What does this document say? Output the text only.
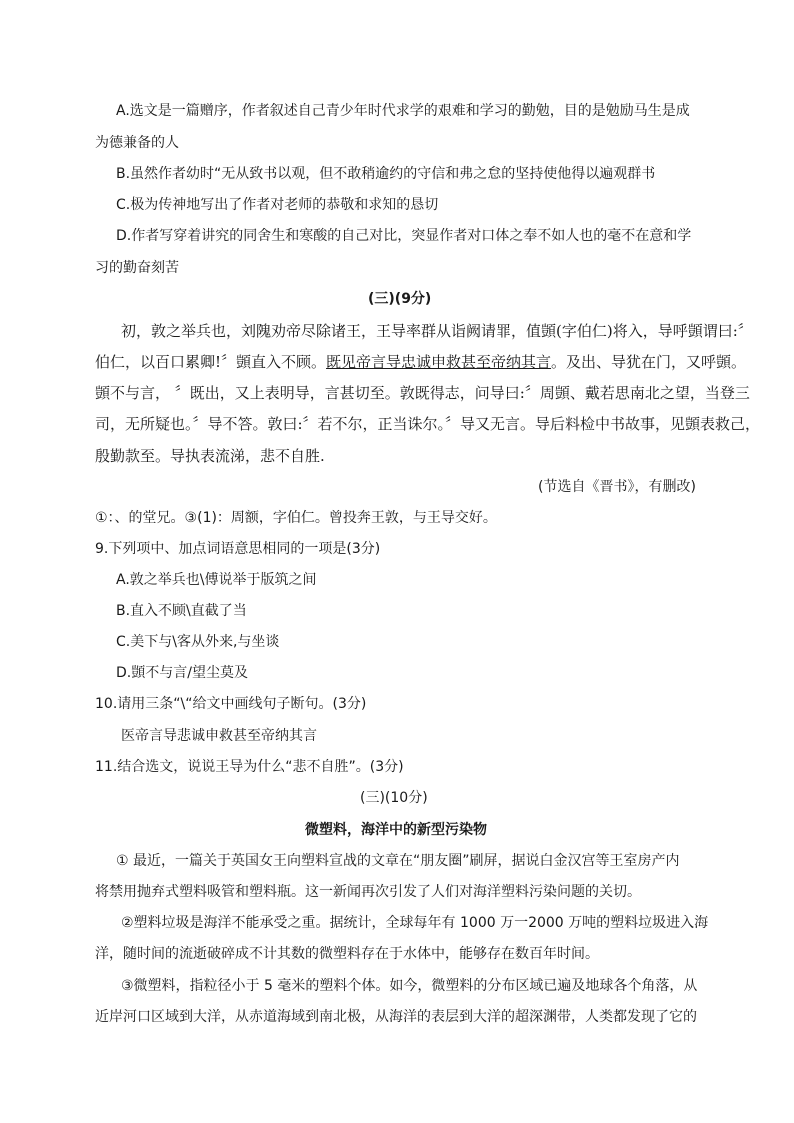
A.选文是一篇赠序，作者叙述自己青少年时代求学的艰难和学习的勤勉，目的是勉励马生是成
为德兼备的人
B.虽然作者幼时“无从致书以观，但不敢稍逾约的守信和弗之怠的坚持使他得以遍观群书
C.极为传神地写出了作者对老师的恭敬和求知的恳切
D.作者写穿着讲究的同舍生和寒酸的自己对比，突显作者对口体之奉不如人也的毫不在意和学
习的勤奋刻苦
(三)(9分)
初，敦之举兵也，刘隗劝帝尽除诸王，王导率群从诣阙请罪，值顗(字伯仁)将入，导呼顗谓曰:〞
伯仁，以百口累卿!〞顗直入不顾。既见帝言导忠诚申救甚至帝纳其言。及出、导犹在门，又呼顗。
顗不与言， 〞既出，又上表明导，言甚切至。敦既得志，问导曰:〞周顗、戴若思南北之望，当登三
司，无所疑也。〞导不答。敦曰:〞若不尔，正当诛尔。〞导又无言。导后料检中书故事，见顗表救己，
殷勤款至。导执表流涕，悲不自胜.
(节选自《晋书》，有删改)
①：、的堂兄。③(1)：周额，字伯仁。曾投奔王敦，与王导交好。
9.下列项中、加点词语意思相同的一项是(3分)
A.敦之举兵也\傅说举于版筑之间
B.直入不顾\直截了当
C.美下与\客从外来,与坐谈
D.顗不与言/望尘莫及
10.请用三条“\“给文中画线句子断句。(3分)
医帝言导悲诚申救甚至帝纳其言
11.结合选文，说说王导为什么“悲不自胜”。(3分)
(三)(10分)
微塑料，海洋中的新型污染物
① 最近，一篇关于英国女王向塑料宣战的文章在“朋友圈”刷屏，据说白金汉宫等王室房产内
将禁用抛弃式塑料吸管和塑料瓶。这一新闻再次引发了人们对海洋塑料污染问题的关切。
②塑料垃圾是海洋不能承受之重。据统计，全球每年有 1000 万一2000 万吨的塑料垃圾进入海
洋，随时间的流逝破碎成不计其数的微塑料存在于水体中，能够存在数百年时间。
③微塑料，指粒径小于 5 毫米的塑料个体。如今，微塑料的分布区域已遍及地球各个角落，从
近岸河口区域到大洋，从赤道海域到南北极，从海洋的表层到大洋的超深渊带，人类都发现了它的
